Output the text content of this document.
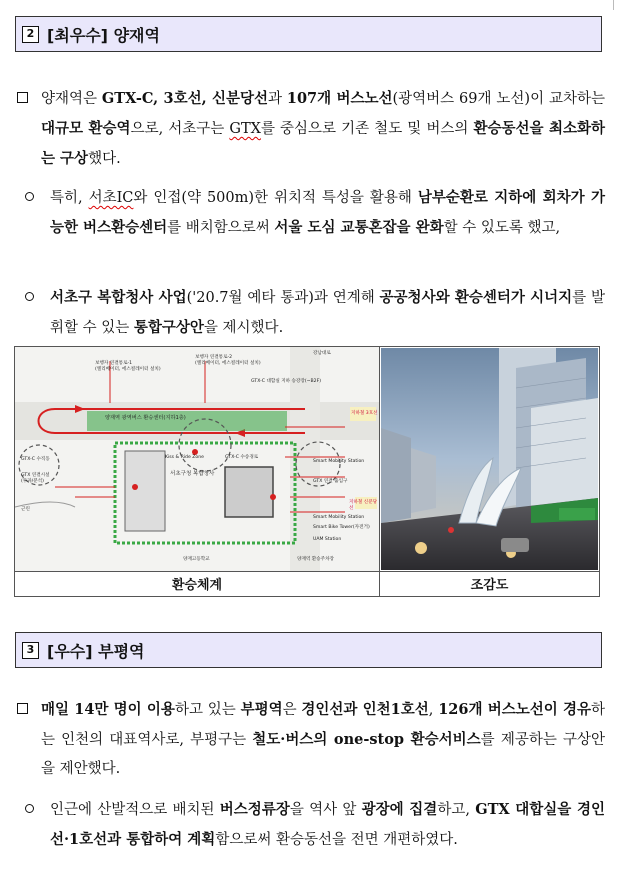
2 [최우수] 양재역
양재역은 GTX-C, 3호선, 신분당선과 107개 버스노선(광역버스 69개 노선)이 교차하는 대규모 환승역으로, 서초구는 GTX를 중심으로 기존 철도 및 버스의 환승동선을 최소화하는 구상했다.
특히, 서초IC와 인접(약 500m)한 위치적 특성을 활용해 남부순환로 지하에 회차가 가능한 버스환승센터를 배치함으로써 서울 도심 교통혼잡을 완화할 수 있도록 했고,
서초구 복합청사 사업('20.7월 예타 통과)과 연계해 공공청사와 환승센터가 시너지를 발휘할 수 있는 통합구상안을 제시했다.
보행자 연결통로-1
(엘리베이터, 에스컬레이터 설치)
보행자 연결통로-2
(엘리베이터, 에스컬레이터 설치)
강남대로
GTX-C 대합실 지하 승강장(~B2F)
지하철 3호선
양재역 광역버스 환승센터(지하1층)
Kiss & Ride Zone	GTX-C 수송경로
서초구청 복합청사
Smart Mobility Station
GTX 연결 출입구
지하철 신분당선
Smart Mobility Station
Smart Bike Tower(자전거)
UAM Station
양재고등학교	양재역 환승주차장
GTX-C 수직동
GTX 연결시설
(투자/분석)
근린
환승체계	조감도
3 [우수] 부평역
매일 14만 명이 이용하고 있는 부평역은 경인선과 인천1호선, 126개 버스노선이 경유하는 인천의 대표역사로, 부평구는 철도·버스의 one-stop 환승서비스를 제공하는 구상안을 제안했다.
인근에 산발적으로 배치된 버스정류장을 역사 앞 광장에 집결하고, GTX 대합실을 경인선·1호선과 통합하여 계획함으로써 환승동선을 전면 개편하였다.
